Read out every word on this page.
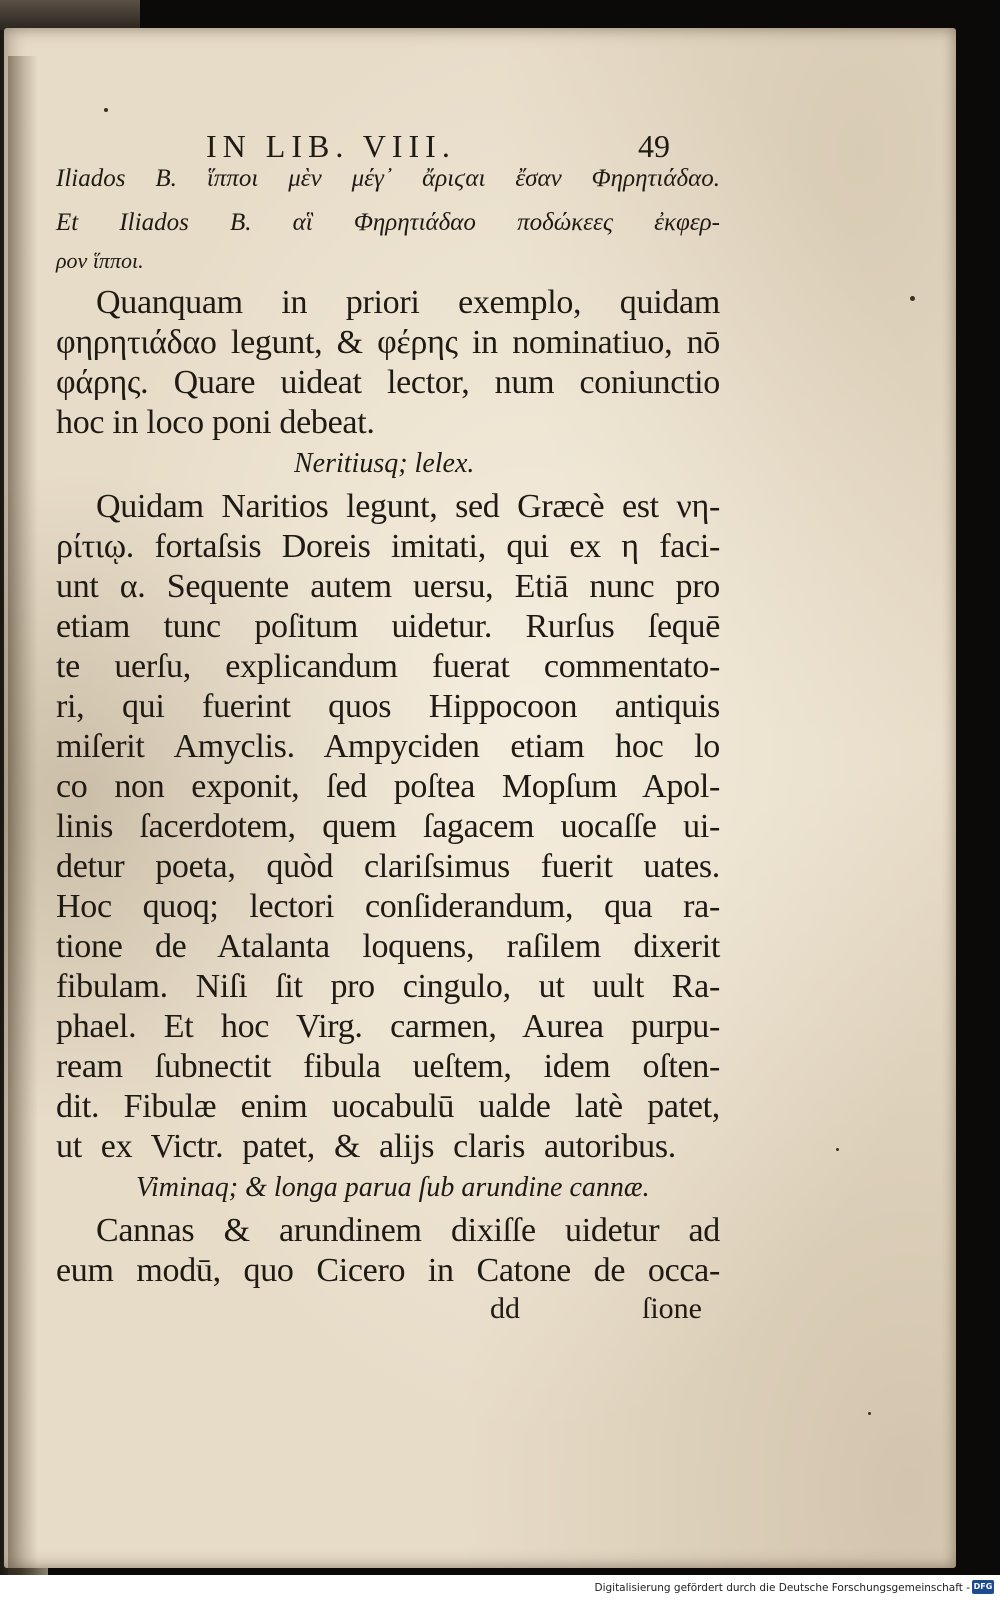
IN LIB. VIII.	49
Iliados B. ἵπποι μὲν μέγ᾽ ἄριϛαι ἔσαν Φηρητιάδαο.
Et Iliados B. αἳ Φηρητιάδαο ποδώκεες ἐκφερ-
ρον ἵπποι.
Quanquam in priori exemplo, quidam
φηρητιάδαο legunt, & φέρης in nominatiuo, nō
φάρης. Quare uideat lector, num coniunctio
hoc in loco poni debeat.
Neritiusq; lelex.
Quidam Naritios legunt, sed Græcè est νη-
ρίτιῳ. fortaſsis Doreis imitati, qui ex η faci-
unt α. Sequente autem uersu, Etiā nunc pro
etiam tunc poſitum uidetur. Rurſus ſequē
te uerſu, explicandum fuerat commentato-
ri, qui fuerint quos Hippocoon antiquis
miſerit Amyclis. Ampyciden etiam hoc lo
co non exponit, ſed poſtea Mopſum Apol-
linis ſacerdotem, quem ſagacem uocaſſe ui-
detur poeta, quòd clariſsimus fuerit uates.
Hoc quoq; lectori conſiderandum, qua ra-
tione de Atalanta loquens, raſilem dixerit
fibulam. Niſi ſit pro cingulo, ut uult Ra-
phael. Et hoc Virg. carmen, Aurea purpu-
ream ſubnectit fibula ueſtem, idem oſten-
dit. Fibulæ enim uocabulū ualde latè patet,
ut ex Victr. patet, & alijs claris autoribus.
Viminaq; & longa parua ſub arundine cannæ.
Cannas & arundinem dixiſſe uidetur ad
eum modū, quo Cicero in Catone de occa-
dd	ſione
Digitalisierung gefördert durch die Deutsche Forschungsgemeinschaft - DFG
